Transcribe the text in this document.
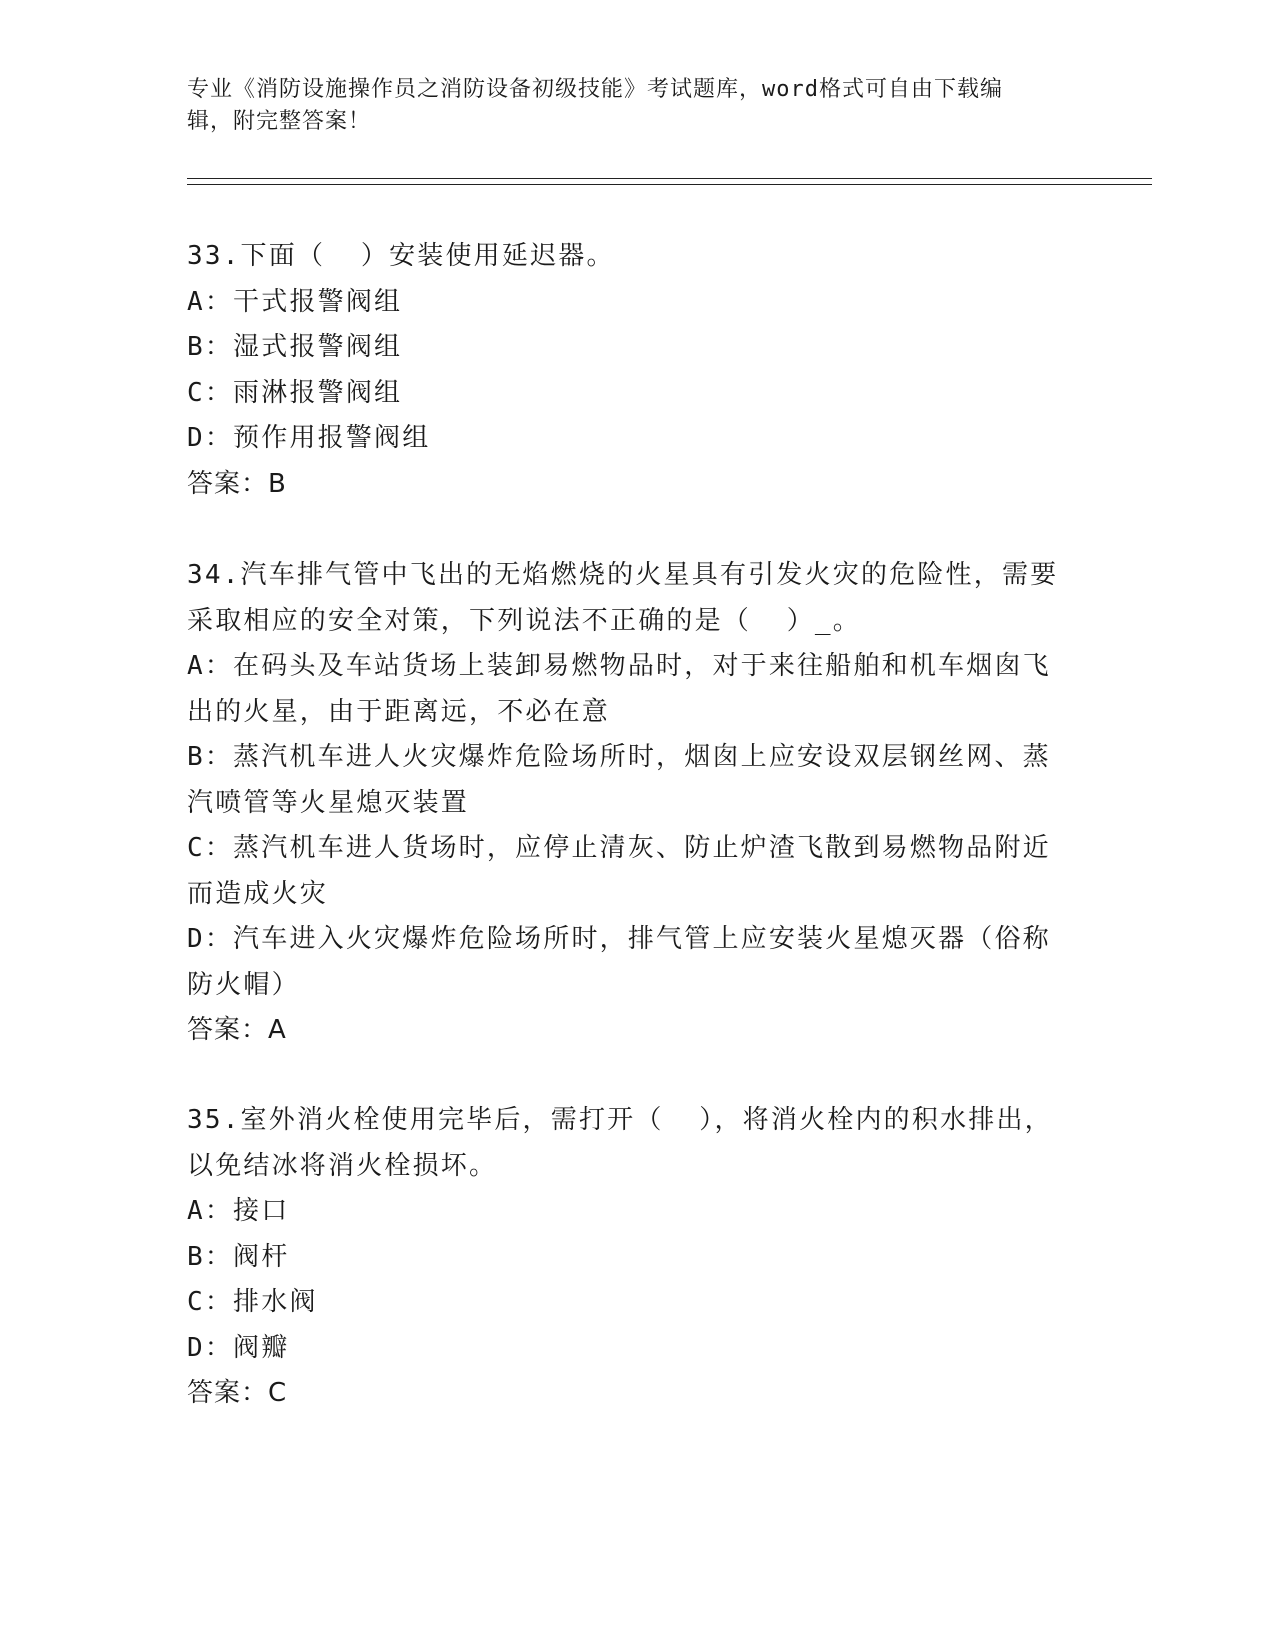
专业《消防设施操作员之消防设备初级技能》考试题库，word格式可自由下载编
辑，附完整答案！
33.下面（  ）安装使用延迟器。
A：干式报警阀组
B：湿式报警阀组
C：雨淋报警阀组
D：预作用报警阀组
答案：B
34.汽车排气管中飞出的无焰燃烧的火星具有引发火灾的危险性，需要
采取相应的安全对策，下列说法不正确的是（  ）_。
A：在码头及车站货场上装卸易燃物品时，对于来往船舶和机车烟囱飞
出的火星，由于距离远，不必在意
B：蒸汽机车进人火灾爆炸危险场所时，烟囱上应安设双层钢丝网、蒸
汽喷管等火星熄灭装置
C：蒸汽机车进人货场时，应停止清灰、防止炉渣飞散到易燃物品附近
而造成火灾
D：汽车进入火灾爆炸危险场所时，排气管上应安装火星熄灭器（俗称
防火帽）
答案：A
35.室外消火栓使用完毕后，需打开（  ），将消火栓内的积水排出，
以免结冰将消火栓损坏。
A：接口
B：阀杆
C：排水阀
D：阀瓣
答案：C
